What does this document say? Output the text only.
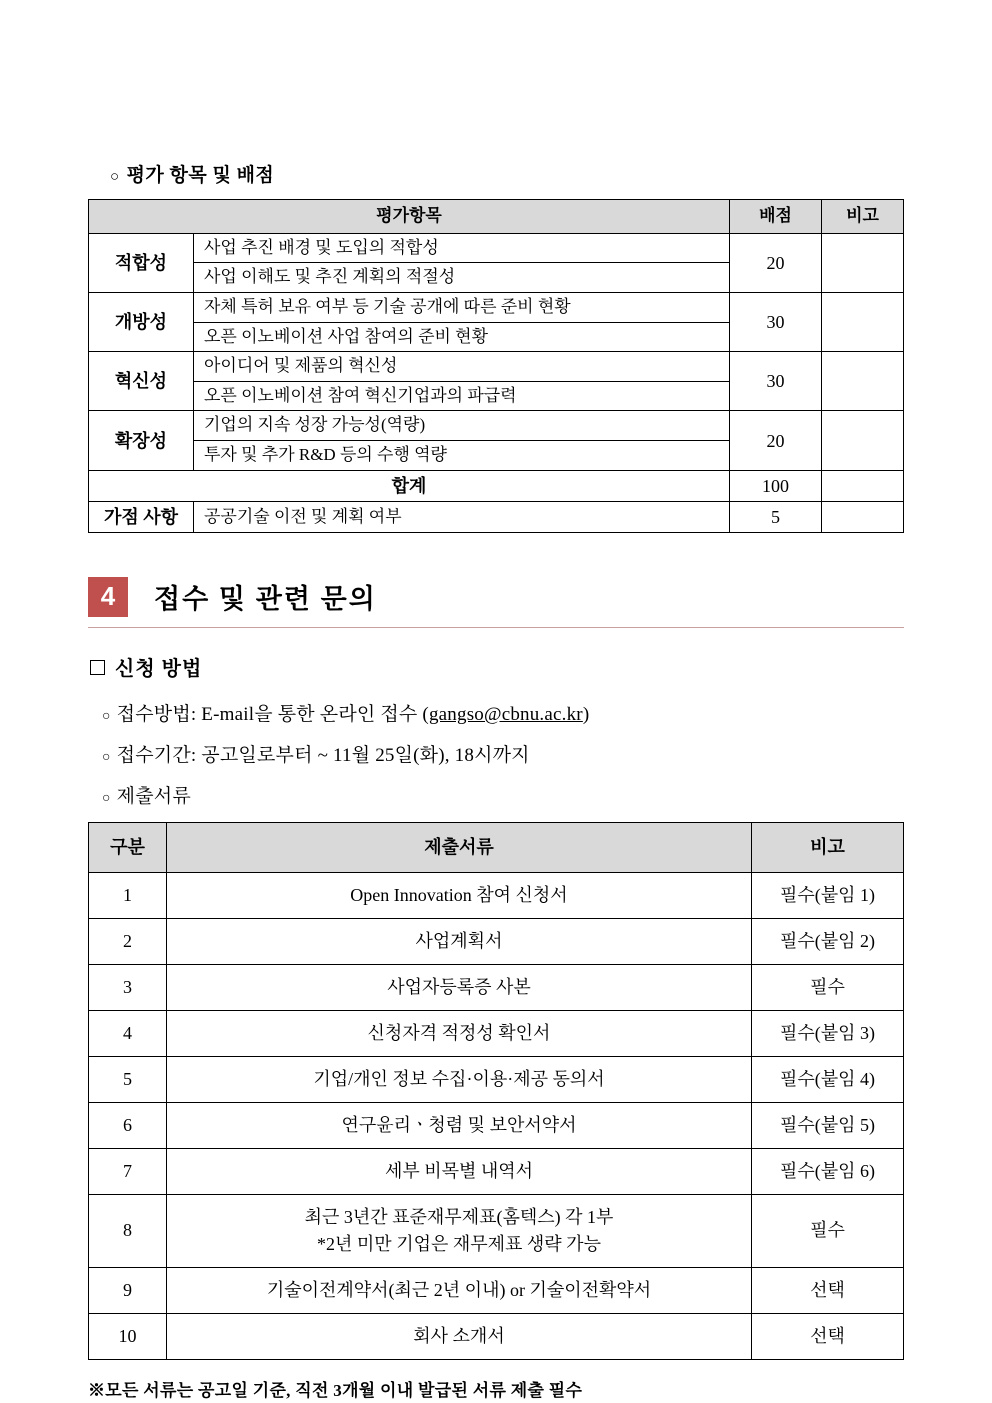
○ 평가 항목 및 배점
평가항목		배점	비고
적합성	사업 추진 배경 및 도입의 적합성	20	
	사업 이해도 및 추진 계획의 적절성		
개방성	자체 특허 보유 여부 등 기술 공개에 따른 준비 현황	30	
	오픈 이노베이션 사업 참여의 준비 현황		
혁신성	아이디어 및 제품의 혁신성	30	
	오픈 이노베이션 참여 혁신기업과의 파급력		
확장성	기업의 지속 성장 가능성(역량)	20	
	투자 및 추가 R&D 등의 수행 역량		
합계		100	
가점 사항	공공기술 이전 및 계획 여부	5	
4	접수 및 관련 문의
신청 방법
○ 접수방법: E-mail을 통한 온라인 접수 ( gangso@cbnu.ac.kr )
○ 접수기간: 공고일로부터 ~ 11월 25일(화), 18시까지
○ 제출서류
구분	제출서류	비고
1	Open Innovation 참여 신청서	필수(붙임 1)
2	사업계획서	필수(붙임 2)
3	사업자등록증 사본	필수
4	신청자격 적정성 확인서	필수(붙임 3)
5	기업/개인 정보 수집·이용·제공 동의서	필수(붙임 4)
6	연구윤리ㆍ청렴 및 보안서약서	필수(붙임 5)
7	세부 비목별 내역서	필수(붙임 6)
8	최근 3년간 표준재무제표(홈텍스) 각 1부
*2년 미만 기업은 재무제표 생략 가능	필수
9	기술이전계약서(최근 2년 이내) or 기술이전확약서	선택
10	회사 소개서	선택
※모든 서류는 공고일 기준, 직전 3개월 이내 발급된 서류 제출 필수
